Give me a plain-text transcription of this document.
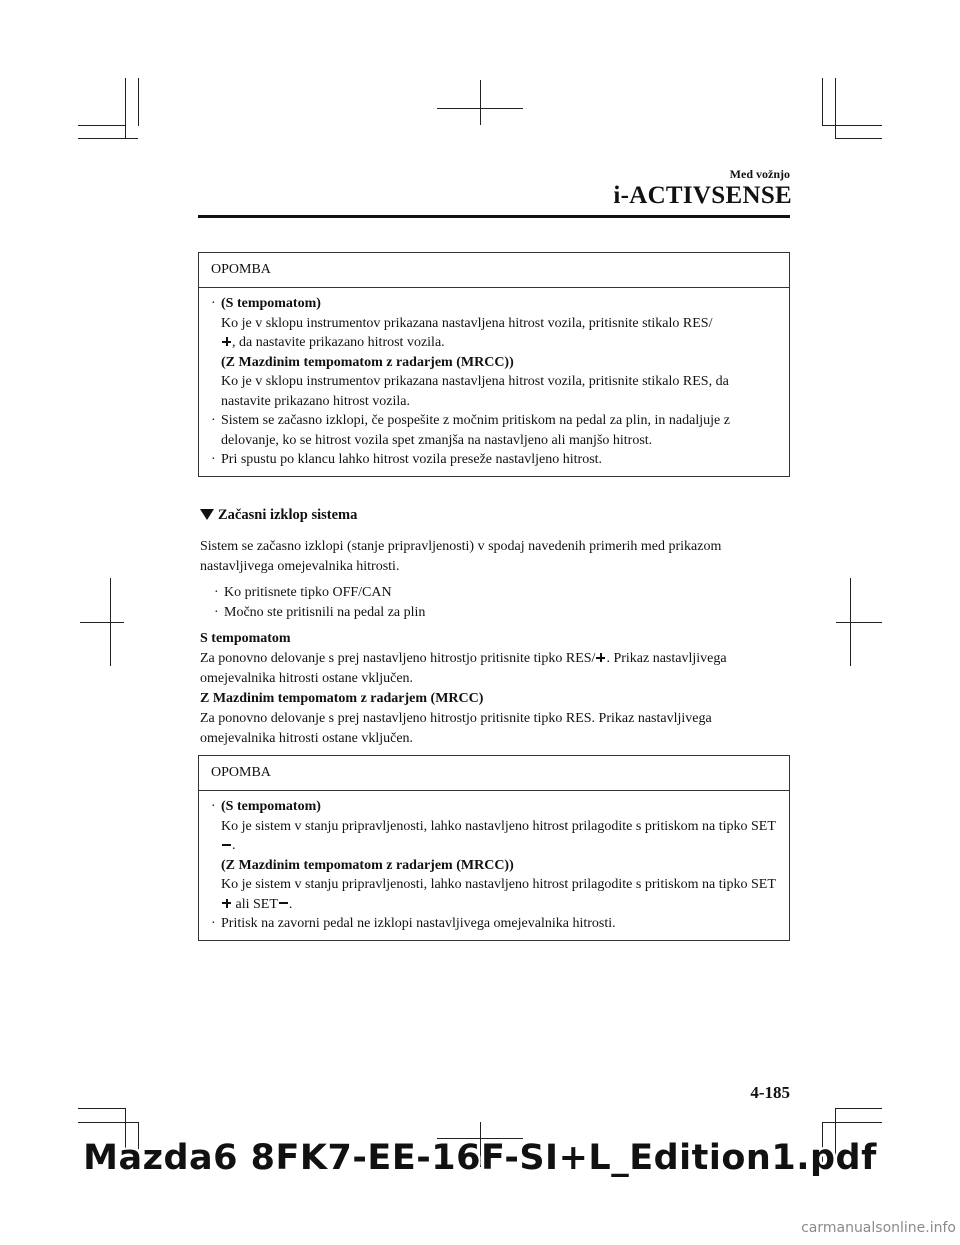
Med vožnjo
i-ACTIVSENSE
OPOMBA
· (S tempomatom)
Ko je v sklopu instrumentov prikazana nastavljena hitrost vozila, pritisnite stikalo RES/
, da nastavite prikazano hitrost vozila.
(Z Mazdinim tempomatom z radarjem (MRCC))
Ko je v sklopu instrumentov prikazana nastavljena hitrost vozila, pritisnite stikalo RES, da nastavite prikazano hitrost vozila.
· Sistem se začasno izklopi, če pospešite z močnim pritiskom na pedal za plin, in nadaljuje z delovanje, ko se hitrost vozila spet zmanjša na nastavljeno ali manjšo hitrost.
· Pri spustu po klancu lahko hitrost vozila preseže nastavljeno hitrost.
Začasni izklop sistema
Sistem se začasno izklopi (stanje pripravljenosti) v spodaj navedenih primerih med prikazom nastavljivega omejevalnika hitrosti.
· Ko pritisnete tipko OFF/CAN
· Močno ste pritisnili na pedal za plin
S tempomatom
Za ponovno delovanje s prej nastavljeno hitrostjo pritisnite tipko RES/ . Prikaz nastavljivega omejevalnika hitrosti ostane vključen.
Z Mazdinim tempomatom z radarjem (MRCC)
Za ponovno delovanje s prej nastavljeno hitrostjo pritisnite tipko RES. Prikaz nastavljivega omejevalnika hitrosti ostane vključen.
OPOMBA
· (S tempomatom)
Ko je sistem v stanju pripravljenosti, lahko nastavljeno hitrost prilagodite s pritiskom na tipko SET.
(Z Mazdinim tempomatom z radarjem (MRCC))
Ko je sistem v stanju pripravljenosti, lahko nastavljeno hitrost prilagodite s pritiskom na tipko SET ali SET .
· Pritisk na zavorni pedal ne izklopi nastavljivega omejevalnika hitrosti.
4-185
Mazda6 8FK7-EE-16F-SI+L_Edition1.pdf
carmanualsonline.info
